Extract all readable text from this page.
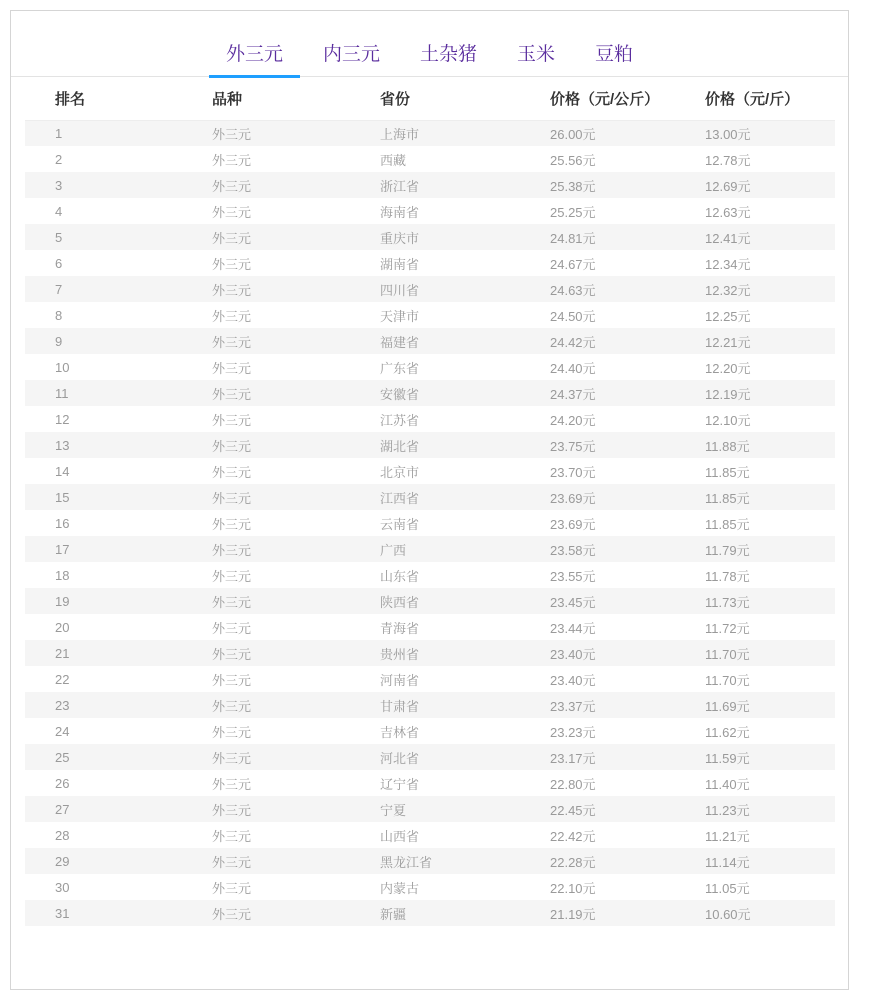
外三元	内三元	土杂猪	玉米	豆粕
排名	品种	省份	价格（元/公斤）	价格（元/斤）
1	外三元	上海市	26.00元	13.00元
2	外三元	西藏	25.56元	12.78元
3	外三元	浙江省	25.38元	12.69元
4	外三元	海南省	25.25元	12.63元
5	外三元	重庆市	24.81元	12.41元
6	外三元	湖南省	24.67元	12.34元
7	外三元	四川省	24.63元	12.32元
8	外三元	天津市	24.50元	12.25元
9	外三元	福建省	24.42元	12.21元
10	外三元	广东省	24.40元	12.20元
11	外三元	安徽省	24.37元	12.19元
12	外三元	江苏省	24.20元	12.10元
13	外三元	湖北省	23.75元	11.88元
14	外三元	北京市	23.70元	11.85元
15	外三元	江西省	23.69元	11.85元
16	外三元	云南省	23.69元	11.85元
17	外三元	广西	23.58元	11.79元
18	外三元	山东省	23.55元	11.78元
19	外三元	陕西省	23.45元	11.73元
20	外三元	青海省	23.44元	11.72元
21	外三元	贵州省	23.40元	11.70元
22	外三元	河南省	23.40元	11.70元
23	外三元	甘肃省	23.37元	11.69元
24	外三元	吉林省	23.23元	11.62元
25	外三元	河北省	23.17元	11.59元
26	外三元	辽宁省	22.80元	11.40元
27	外三元	宁夏	22.45元	11.23元
28	外三元	山西省	22.42元	11.21元
29	外三元	黑龙江省	22.28元	11.14元
30	外三元	内蒙古	22.10元	11.05元
31	外三元	新疆	21.19元	10.60元
